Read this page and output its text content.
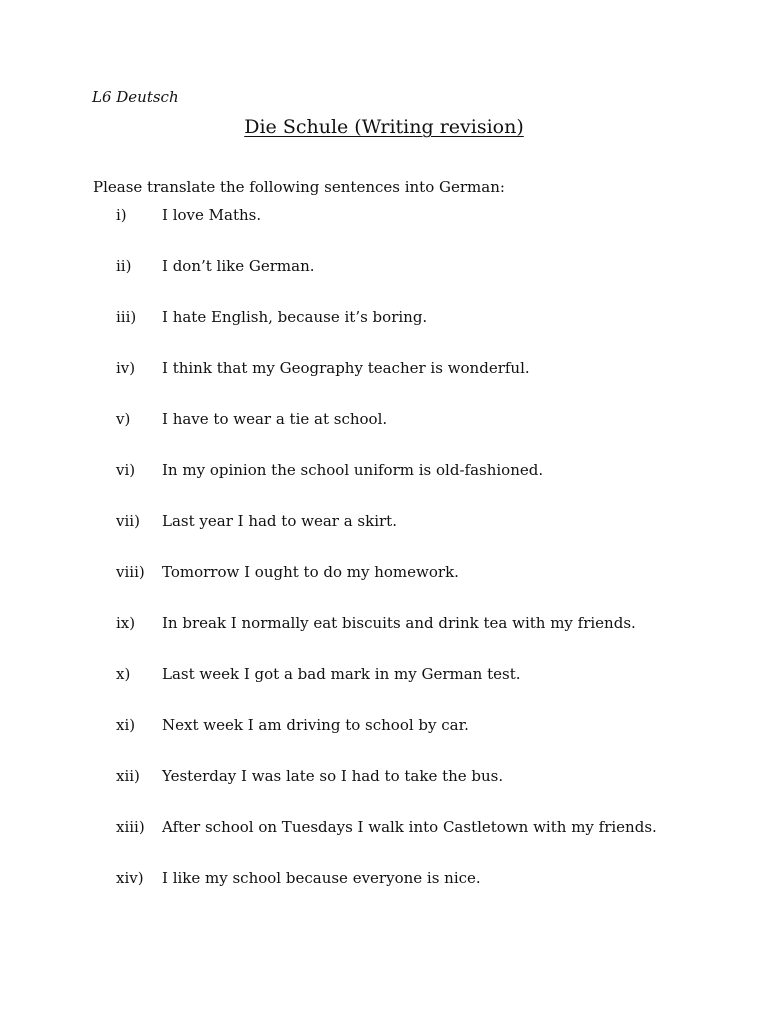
L6 Deutsch
Die Schule (Writing revision)
Please translate the following sentences into German:
i) I love Maths.
ii) I don’t like German.
iii) I hate English, because it’s boring.
iv) I think that my Geography teacher is wonderful.
v) I have to wear a tie at school.
vi) In my opinion the school uniform is old-fashioned.
vii) Last year I had to wear a skirt.
viii) Tomorrow I ought to do my homework.
ix) In break I normally eat biscuits and drink tea with my friends.
x) Last week I got a bad mark in my German test.
xi) Next week I am driving to school by car.
xii) Yesterday I was late so I had to take the bus.
xiii) After school on Tuesdays I walk into Castletown with my friends.
xiv) I like my school because everyone is nice.
